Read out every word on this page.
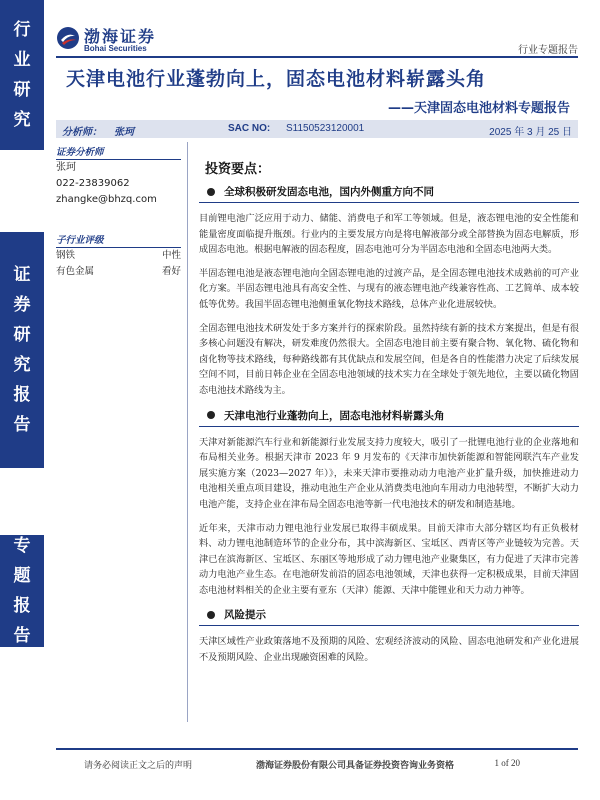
行
业
研
究
证
券
研
究
报
告
专
题
报
告
渤海证券
Bohai Securities	行业专题报告
天津电池行业蓬勃向上，固态电池材料崭露头角
——天津固态电池材料专题报告
分析师： 张珂	SAC NO: S1150523120001	2025 年 3 月 25 日
证券分析师
张珂
022-23839062
zhangke@bhzq.com
子行业评级
钢铁	中性
有色金属	看好
投资要点：
全球积极研发固态电池，国内外侧重方向不同

目前锂电池广泛应用于动力、储能、消费电子和军工等领域。但是，液态锂电池的安全性能和能量密度面临提升瓶颈。行业内的主要发展方向是将电解液部分或全部替换为固态电解质，形成固态电池。根据电解液的固态程度，固态电池可分为半固态电池和全固态电池两大类。

半固态锂电池是液态锂电池向全固态锂电池的过渡产品，是全固态锂电池技术成熟前的可产业化方案。半固态锂电池具有高安全性、与现有的液态锂电池产线兼容性高、工艺简单、成本较低等优势。我国半固态锂电池侧重氧化物技术路线，总体产业化进展较快。

全固态锂电池技术研发处于多方案并行的探索阶段。虽然持续有新的技术方案提出，但是有很多核心问题没有解决，研发难度仍然很大。全固态电池目前主要有聚合物、氧化物、硫化物和卤化物等技术路线，每种路线都有其优缺点和发展空间，但是各自的性能潜力决定了后续发展空间不同，目前日韩企业在全固态电池领域的技术实力在全球处于领先地位，主要以硫化物固态电池技术路线为主。

天津电池行业蓬勃向上，固态电池材料崭露头角

天津对新能源汽车行业和新能源行业发展支持力度较大，吸引了一批锂电池行业的企业落地和布局相关业务。根据天津市 2023 年 9 月发布的《天津市加快新能源和智能网联汽车产业发展实施方案（2023—2027 年）》，未来天津市要推动动力电池产业扩量升级，加快推进动力电池相关重点项目建设，推动电池生产企业从消费类电池向车用动力电池转型，不断扩大动力电池产能，支持企业在津布局全固态电池等新一代电池技术的研发和制造基地。

近年来，天津市动力锂电池行业发展已取得丰硕成果。目前天津市大部分辖区均有正负极材料、动力锂电池制造环节的企业分布，其中滨海新区、宝坻区、西青区等产业链较为完善。天津已在滨海新区、宝坻区、东丽区等地形成了动力锂电池产业聚集区，有力促进了天津市完善动力电池产业生态。在电池研发前沿的固态电池领域，天津也获得一定积极成果，目前天津固态电池材料相关的企业主要有亚东（天津）能源、天津中能锂业和天力动力神等。

风险提示

天津区域性产业政策落地不及预期的风险、宏观经济波动的风险、固态电池研发和产业化进展不及预期风险、企业出现融资困难的风险。

请务必阅读正文之后的声明	渤海证券股份有限公司具备证券投资咨询业务资格	1 of 20
